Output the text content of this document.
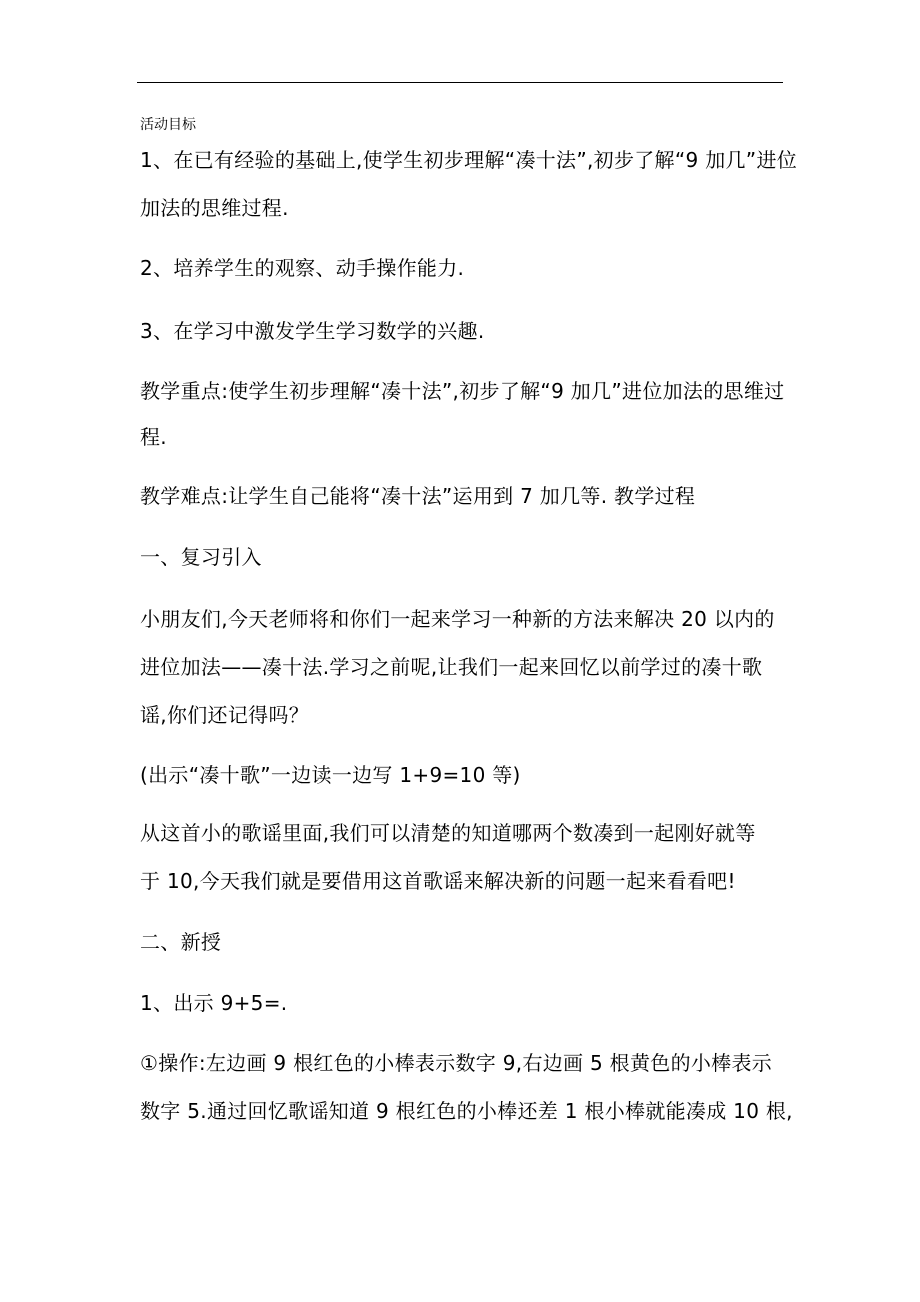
活动目标
1、在已有经验的基础上,使学生初步理解“凑十法”,初步了解“9 加几”进位
加法的思维过程.
2、培养学生的观察、动手操作能力.
3、在学习中激发学生学习数学的兴趣.
教学重点:使学生初步理解“凑十法”,初步了解“9 加几”进位加法的思维过
程.
教学难点:让学生自己能将“凑十法”运用到 7 加几等. 教学过程
一、复习引入
小朋友们,今天老师将和你们一起来学习一种新的方法来解决 20 以内的
进位加法——凑十法.学习之前呢,让我们一起来回忆以前学过的凑十歌
谣,你们还记得吗？
(出示“凑十歌”一边读一边写 1+9=10 等)
从这首小的歌谣里面,我们可以清楚的知道哪两个数凑到一起刚好就等
于 10,今天我们就是要借用这首歌谣来解决新的问题一起来看看吧!
二、新授
1、出示 9+5=.
①操作:左边画 9 根红色的小棒表示数字 9,右边画 5 根黄色的小棒表示
数字 5.通过回忆歌谣知道 9 根红色的小棒还差 1 根小棒就能凑成 10 根,
